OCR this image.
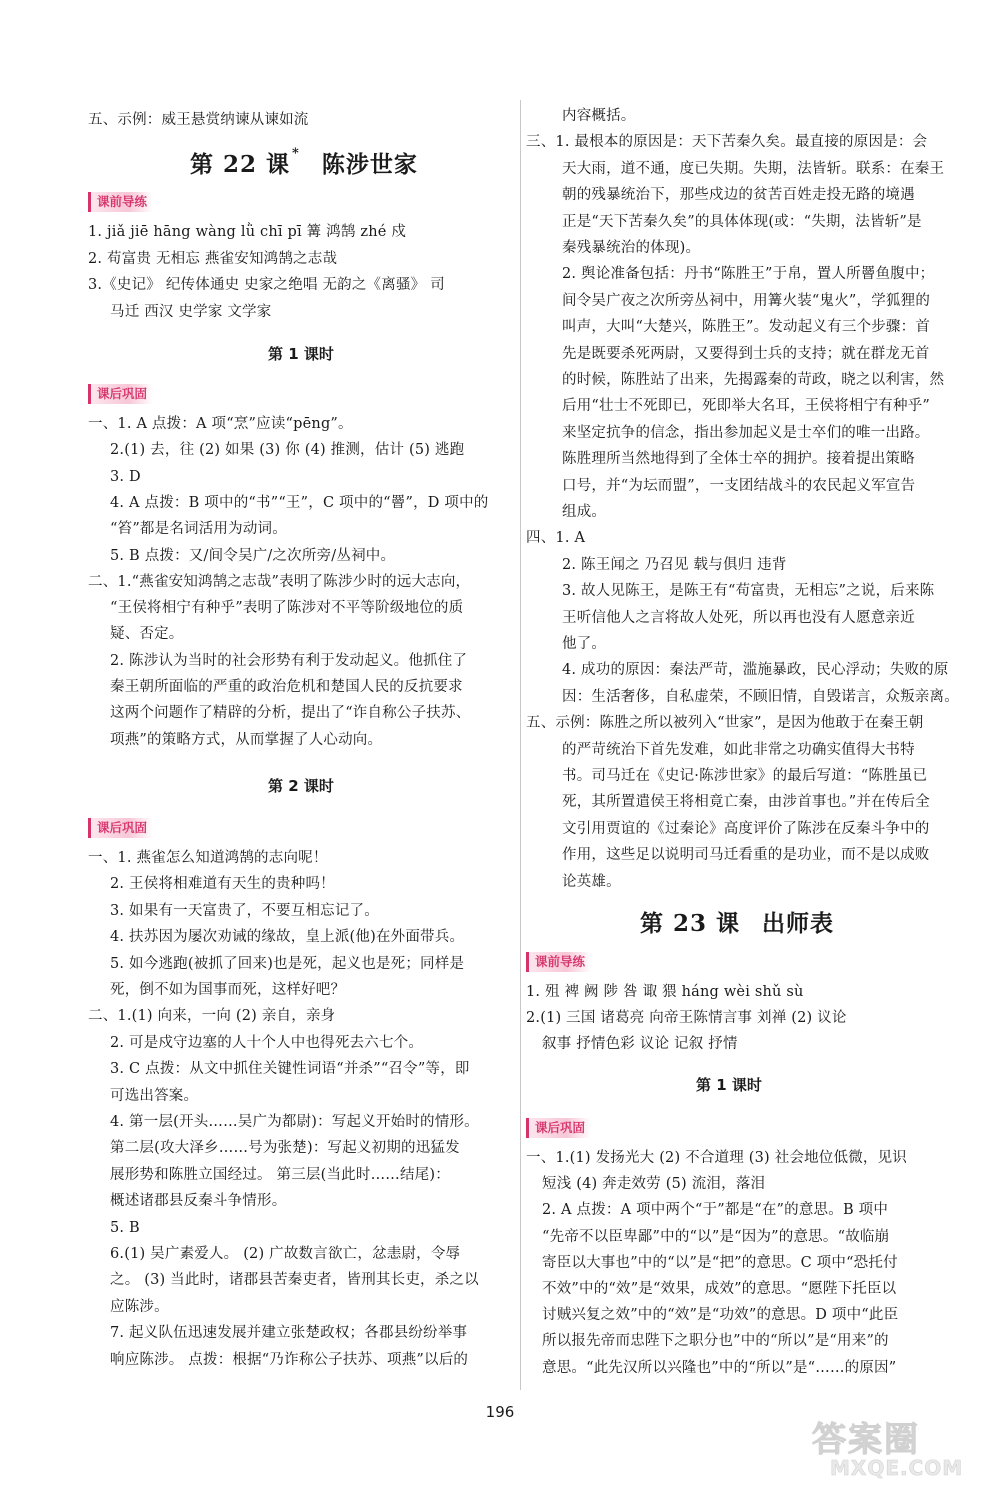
五、示例：威王悬赏纳谏从谏如流
第 22 课 * 陈涉世家
课前导练
1. jiǎ jiē hāng wàng lǜ chī pī 篝 鸿鹄 zhé 戍
2. 苟富贵 无相忘 燕雀安知鸿鹄之志哉
3.《史记》 纪传体通史 史家之绝唱 无韵之《离骚》 司
马迁 西汉 史学家 文学家
第 1 课时
课后巩固
一、1. A 点拨：A 项“烹”应读“pēng”。
2.(1) 去，往 (2) 如果 (3) 你 (4) 推测，估计 (5) 逃跑
3. D
4. A 点拨：B 项中的“书”“王”，C 项中的“罾”，D 项中的
“笞”都是名词活用为动词。
5. B 点拨：又/间令吴广/之次所旁/丛祠中。
二、1.“燕雀安知鸿鹄之志哉”表明了陈涉少时的远大志向，
“王侯将相宁有种乎”表明了陈涉对不平等阶级地位的质
疑、否定。
2. 陈涉认为当时的社会形势有利于发动起义。他抓住了
秦王朝所面临的严重的政治危机和楚国人民的反抗要求
这两个问题作了精辟的分析，提出了“诈自称公子扶苏、
项燕”的策略方式，从而掌握了人心动向。
第 2 课时
课后巩固
一、1. 燕雀怎么知道鸿鹄的志向呢！
2. 王侯将相难道有天生的贵种吗！
3. 如果有一天富贵了，不要互相忘记了。
4. 扶苏因为屡次劝诫的缘故，皇上派(他)在外面带兵。
5. 如今逃跑(被抓了回来)也是死，起义也是死；同样是
死，倒不如为国事而死，这样好吧？
二、1.(1) 向来，一向 (2) 亲自，亲身
2. 可是戍守边塞的人十个人中也得死去六七个。
3. C 点拨：从文中抓住关键性词语“并杀”“召令”等，即
可选出答案。
4. 第一层(开头……吴广为都尉)：写起义开始时的情形。
第二层(攻大泽乡……号为张楚)：写起义初期的迅猛发
展形势和陈胜立国经过。 第三层(当此时……结尾)：
概述诸郡县反秦斗争情形。
5. B
6.(1) 吴广素爱人。 (2) 广故数言欲亡，忿恚尉，令辱
之。 (3) 当此时，诸郡县苦秦吏者，皆刑其长吏，杀之以
应陈涉。
7. 起义队伍迅速发展并建立张楚政权；各郡县纷纷举事
响应陈涉。 点拨：根据“乃诈称公子扶苏、项燕”以后的
内容概括。
三、1. 最根本的原因是：天下苦秦久矣。最直接的原因是：会
天大雨，道不通，度已失期。失期，法皆斩。联系：在秦王
朝的残暴统治下，那些戍边的贫苦百姓走投无路的境遇
正是“天下苦秦久矣”的具体体现(或：“失期，法皆斩”是
秦残暴统治的体现)。
2. 舆论准备包括：丹书“陈胜王”于帛，置人所罾鱼腹中；
间令吴广夜之次所旁丛祠中，用篝火装“鬼火”，学狐狸的
叫声，大叫“大楚兴，陈胜王”。发动起义有三个步骤：首
先是既要杀死两尉，又要得到士兵的支持；就在群龙无首
的时候，陈胜站了出来，先揭露秦的苛政，晓之以利害，然
后用“壮士不死即已，死即举大名耳，王侯将相宁有种乎”
来坚定抗争的信念，指出参加起义是士卒们的唯一出路。
陈胜理所当然地得到了全体士卒的拥护。接着提出策略
口号，并“为坛而盟”，一支团结战斗的农民起义军宣告
组成。
四、1. A
2. 陈王闻之 乃召见 载与俱归 违背
3. 故人见陈王，是陈王有“苟富贵，无相忘”之说，后来陈
王听信他人之言将故人处死，所以再也没有人愿意亲近
他了。
4. 成功的原因：秦法严苛，滥施暴政，民心浮动；失败的原
因：生活奢侈，自私虚荣，不顾旧情，自毁诺言，众叛亲离。
五、示例：陈胜之所以被列入“世家”，是因为他敢于在秦王朝
的严苛统治下首先发难，如此非常之功确实值得大书特
书。司马迁在《史记·陈涉世家》的最后写道：“陈胜虽已
死，其所置遣侯王将相竟亡秦，由涉首事也。”并在传后全
文引用贾谊的《过秦论》高度评价了陈涉在反秦斗争中的
作用，这些足以说明司马迁看重的是功业，而不是以成败
论英雄。
第 23 课 出师表
课前导练
1. 殂 裨 阙 陟 咎 诹 猥 háng wèi shǔ sù
2.(1) 三国 诸葛亮 向帝王陈情言事 刘禅 (2) 议论
叙事 抒情色彩 议论 记叙 抒情
第 1 课时
课后巩固
一、1.(1) 发扬光大 (2) 不合道理 (3) 社会地位低微，见识
短浅 (4) 奔走效劳 (5) 流泪，落泪
2. A 点拨：A 项中两个“于”都是“在”的意思。B 项中
“先帝不以臣卑鄙”中的“以”是“因为”的意思。“故临崩
寄臣以大事也”中的“以”是“把”的意思。C 项中“恐托付
不效”中的“效”是“效果，成效”的意思。“愿陛下托臣以
讨贼兴复之效”中的“效”是“功效”的意思。D 项中“此臣
所以报先帝而忠陛下之职分也”中的“所以”是“用来”的
意思。“此先汉所以兴隆也”中的“所以”是“……的原因”
196
答案圈
MXQE.COM
